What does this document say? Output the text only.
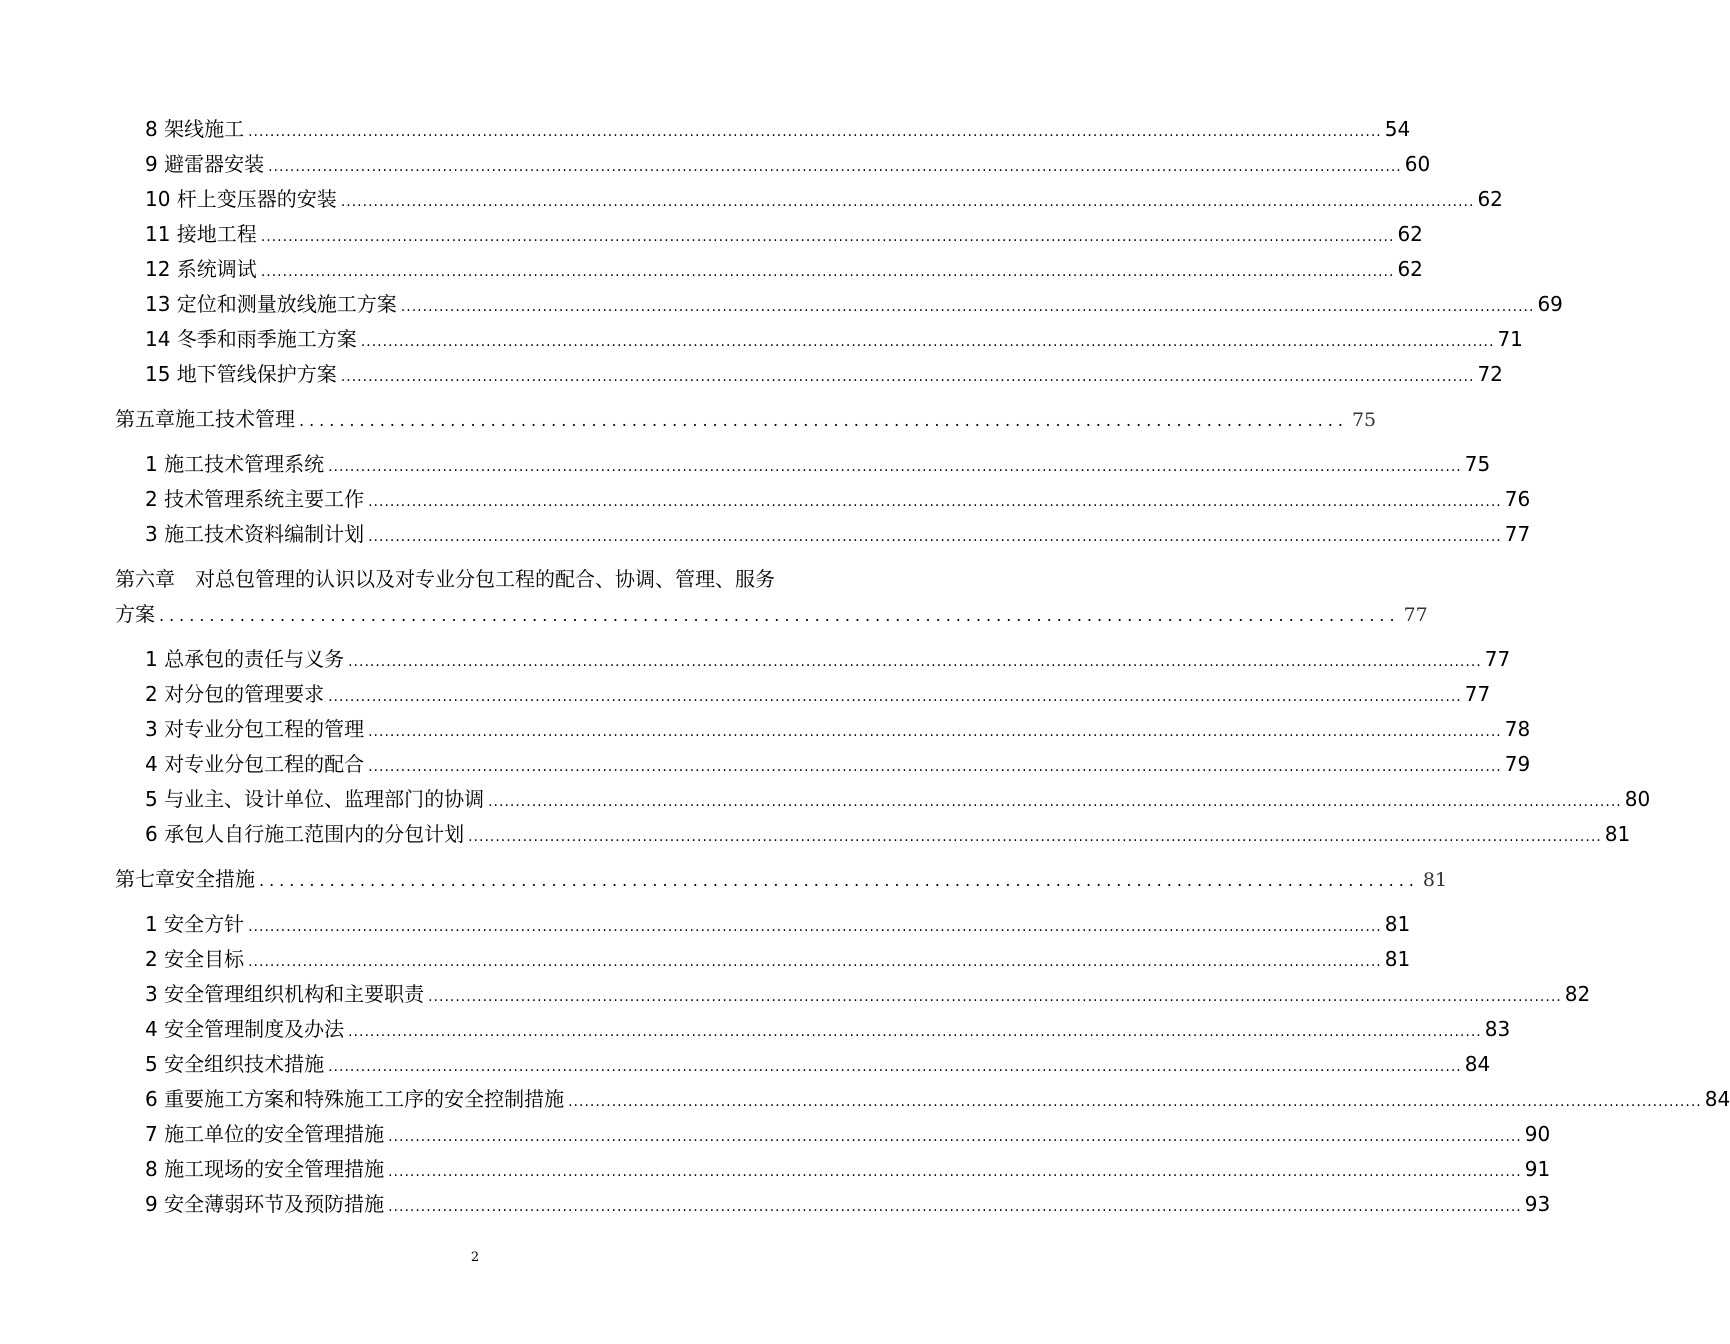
8 架线施工 ................................................................................................................................................................................................................ 54
9 避雷器安装 ................................................................................................................................................................................................................ 60
10 杆上变压器的安装 ................................................................................................................................................................................................................ 62
11 接地工程 ................................................................................................................................................................................................................ 62
12 系统调试 ................................................................................................................................................................................................................ 62
13 定位和测量放线施工方案 ................................................................................................................................................................................................................ 69
14 冬季和雨季施工方案 ................................................................................................................................................................................................................ 71
15 地下管线保护方案 ................................................................................................................................................................................................................ 72
第五章 施工技术管理 ........................................................................................................ 75
1 施工技术管理系统 ................................................................................................................................................................................................................ 75
2 技术管理系统主要工作 ................................................................................................................................................................................................................ 76
3 施工技术资料编制计划 ................................................................................................................................................................................................................ 77
第六章 对总包管理的认识以及对专业分包工程的配合、协调、管理、服务
方案 ........................................................................................................................... 77
1 总承包的责任与义务 ................................................................................................................................................................................................................ 77
2 对分包的管理要求 ................................................................................................................................................................................................................ 77
3 对专业分包工程的管理 ................................................................................................................................................................................................................ 78
4 对专业分包工程的配合 ................................................................................................................................................................................................................ 79
5 与业主、设计单位、监理部门的协调 ................................................................................................................................................................................................................ 80
6 承包人自行施工范围内的分包计划 ................................................................................................................................................................................................................ 81
第七章 安全措施 ................................................................................................................... 81
1 安全方针 ................................................................................................................................................................................................................ 81
2 安全目标 ................................................................................................................................................................................................................ 81
3 安全管理组织机构和主要职责 ................................................................................................................................................................................................................ 82
4 安全管理制度及办法 ................................................................................................................................................................................................................ 83
5 安全组织技术措施 ................................................................................................................................................................................................................ 84
6 重要施工方案和特殊施工工序的安全控制措施 ................................................................................................................................................................................................................ 84
7 施工单位的安全管理措施 ................................................................................................................................................................................................................ 90
8 施工现场的安全管理措施 ................................................................................................................................................................................................................ 91
9 安全薄弱环节及预防措施 ................................................................................................................................................................................................................ 93
2
